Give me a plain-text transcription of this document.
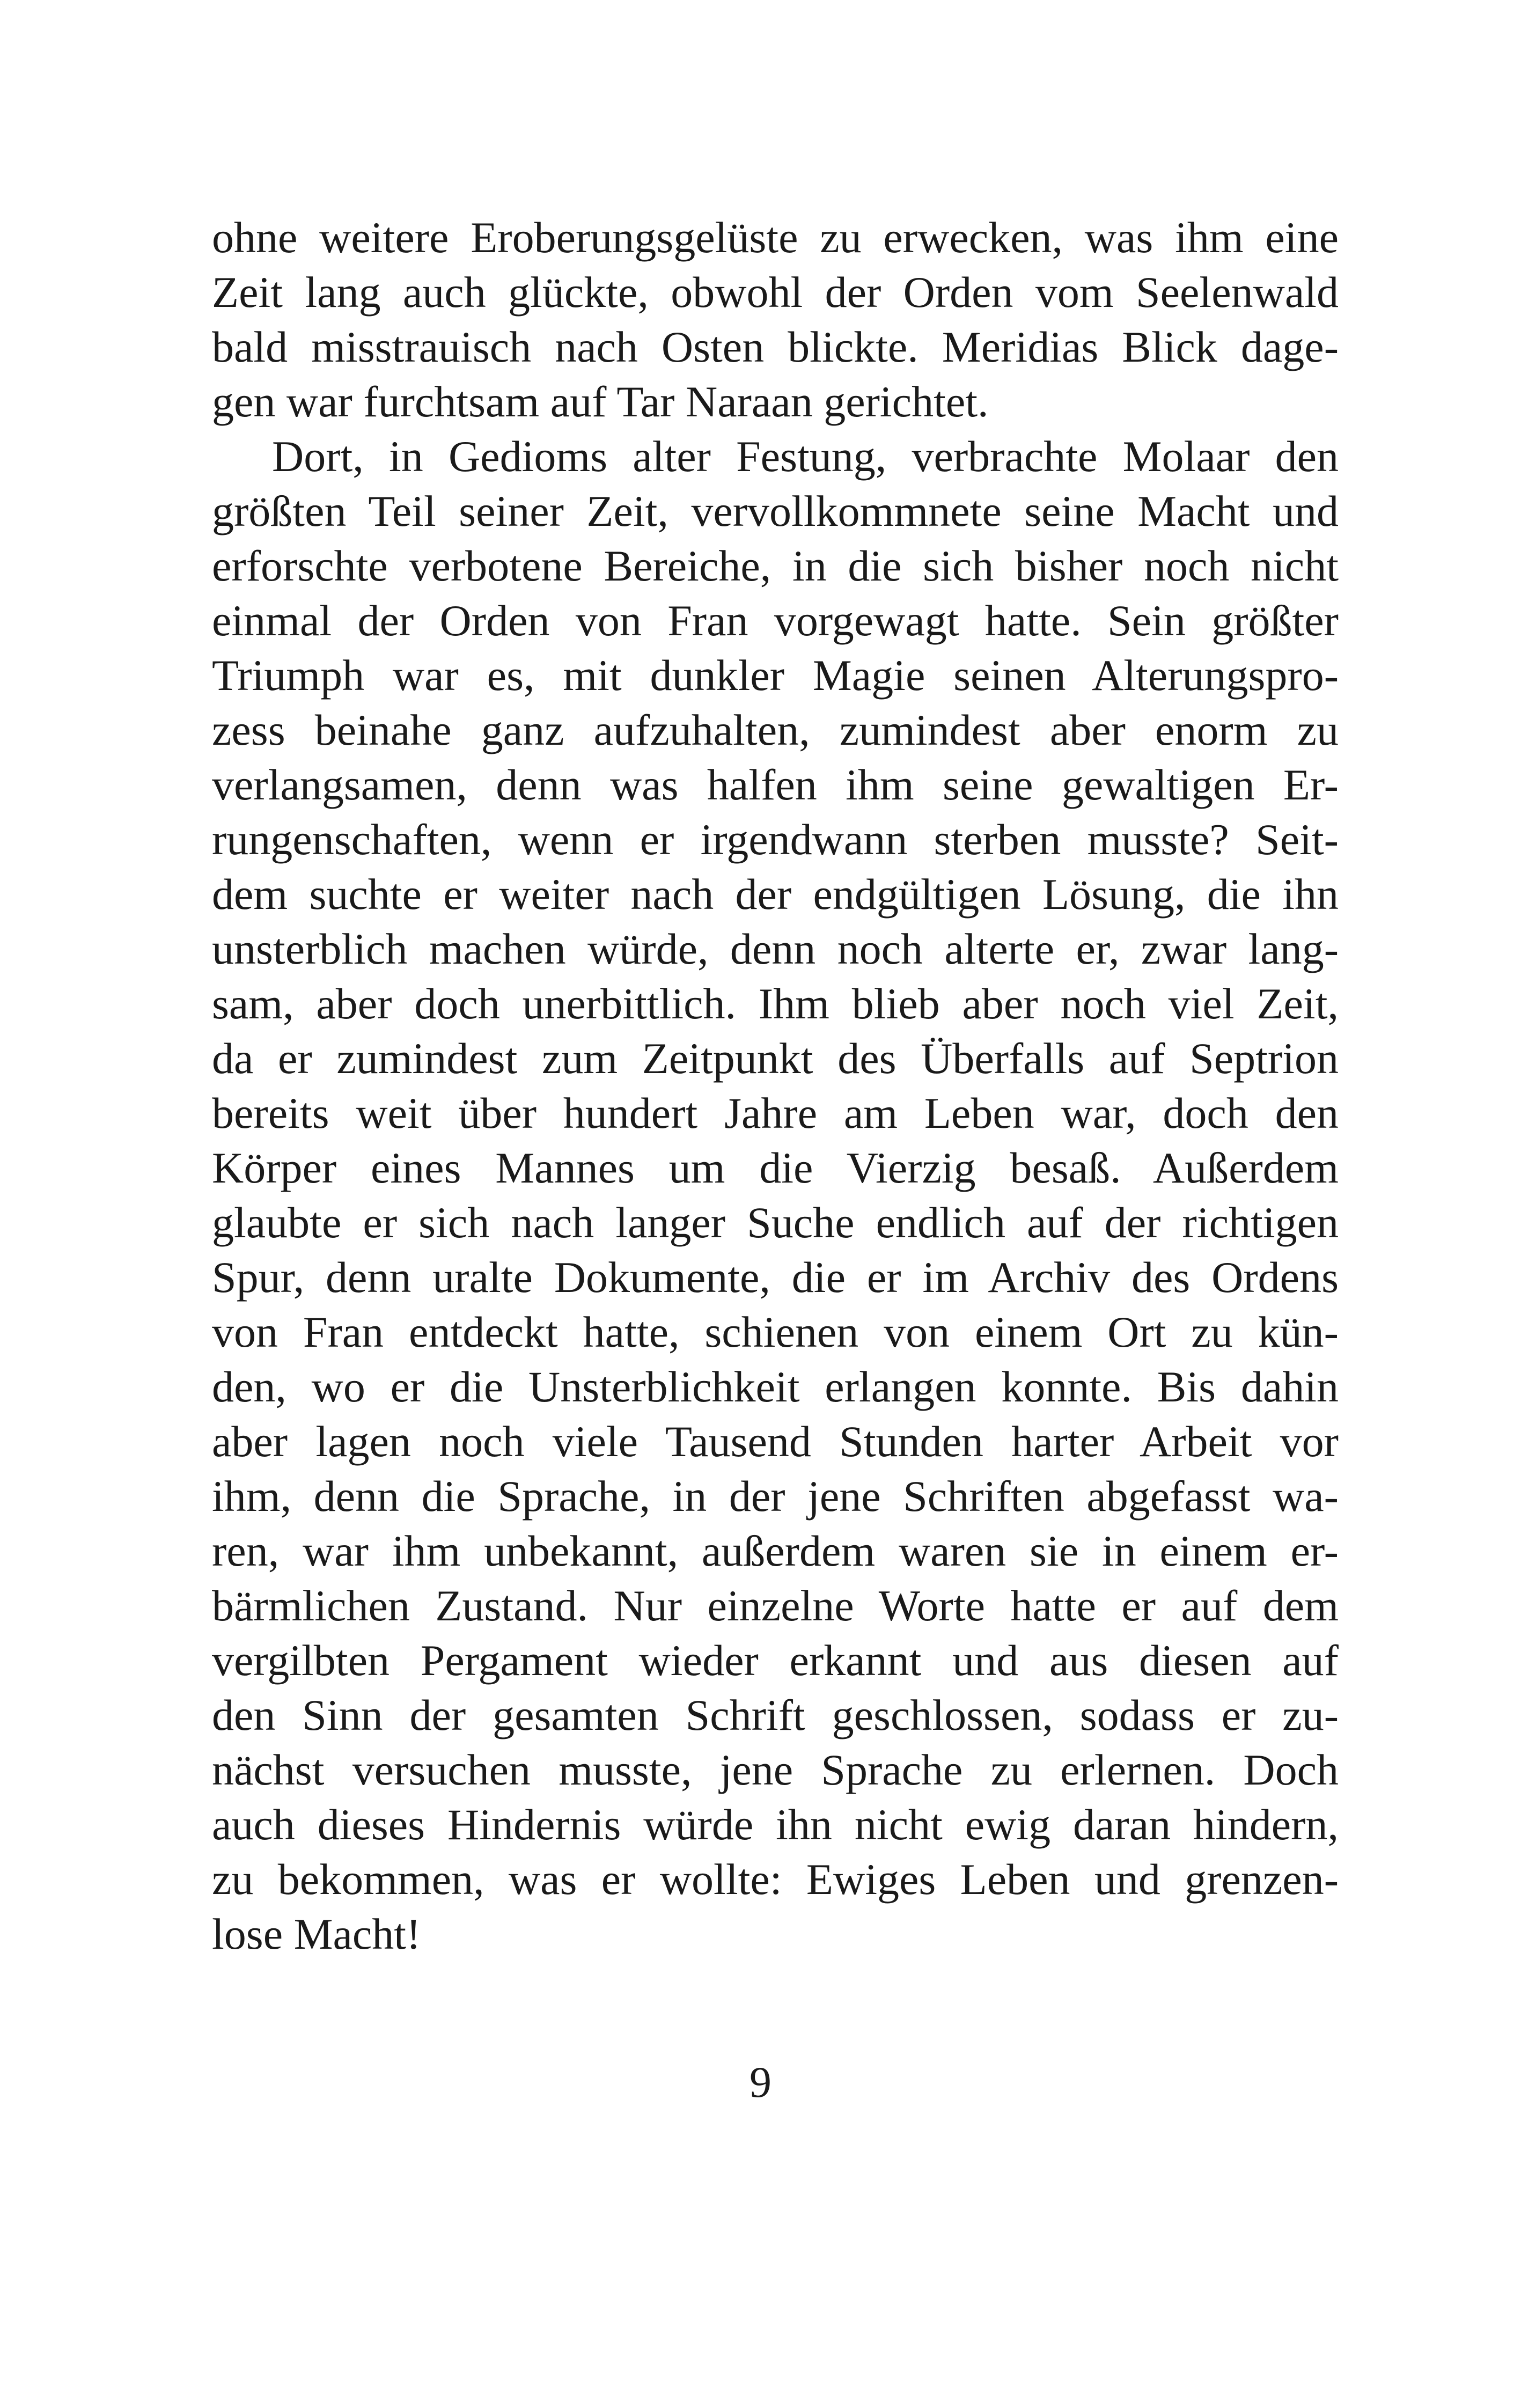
ohne weitere Eroberungsgelüste zu erwecken, was ihm eine
Zeit lang auch glückte, obwohl der Orden vom Seelenwald
bald misstrauisch nach Osten blickte. Meridias Blick dage-
gen war furchtsam auf Tar Naraan gerichtet.
Dort, in Gedioms alter Festung, verbrachte Molaar den
größten Teil seiner Zeit, vervollkommnete seine Macht und
erforschte verbotene Bereiche, in die sich bisher noch nicht
einmal der Orden von Fran vorgewagt hatte. Sein größter
Triumph war es, mit dunkler Magie seinen Alterungspro-
zess beinahe ganz aufzuhalten, zumindest aber enorm zu
verlangsamen, denn was halfen ihm seine gewaltigen Er-
rungenschaften, wenn er irgendwann sterben musste? Seit-
dem suchte er weiter nach der endgültigen Lösung, die ihn
unsterblich machen würde, denn noch alterte er, zwar lang-
sam, aber doch unerbittlich. Ihm blieb aber noch viel Zeit,
da er zumindest zum Zeitpunkt des Überfalls auf Septrion
bereits weit über hundert Jahre am Leben war, doch den
Körper eines Mannes um die Vierzig besaß. Außerdem
glaubte er sich nach langer Suche endlich auf der richtigen
Spur, denn uralte Dokumente, die er im Archiv des Ordens
von Fran entdeckt hatte, schienen von einem Ort zu kün-
den, wo er die Unsterblichkeit erlangen konnte. Bis dahin
aber lagen noch viele Tausend Stunden harter Arbeit vor
ihm, denn die Sprache, in der jene Schriften abgefasst wa-
ren, war ihm unbekannt, außerdem waren sie in einem er-
bärmlichen Zustand. Nur einzelne Worte hatte er auf dem
vergilbten Pergament wieder erkannt und aus diesen auf
den Sinn der gesamten Schrift geschlossen, sodass er zu-
nächst versuchen musste, jene Sprache zu erlernen. Doch
auch dieses Hindernis würde ihn nicht ewig daran hindern,
zu bekommen, was er wollte: Ewiges Leben und grenzen-
lose Macht!
9
